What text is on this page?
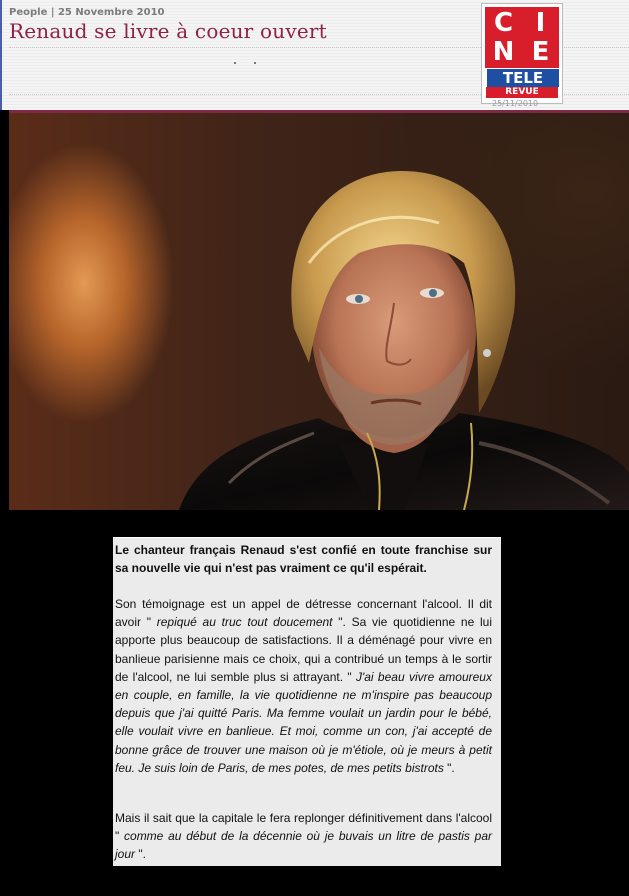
People | 25 Novembre 2010
Renaud se livre à coeur ouvert	C I
N E
TELE
REVUE
25/11/2010

Le chanteur français Renaud s'est confié en toute franchise sur sa nouvelle vie qui n'est pas vraiment ce qu'il espérait.

Son témoignage est un appel de détresse concernant l'alcool. Il dit avoir " repiqué au truc tout doucement ". Sa vie quotidienne ne lui apporte plus beaucoup de satisfactions. Il a déménagé pour vivre en banlieue parisienne mais ce choix, qui a contribué un temps à le sortir de l'alcool, ne lui semble plus si attrayant. " J'ai beau vivre amoureux en couple, en famille, la vie quotidienne ne m'inspire pas beaucoup depuis que j'ai quitté Paris. Ma femme voulait un jardin pour le bébé, elle voulait vivre en banlieue. Et moi, comme un con, j'ai accepté de bonne grâce de trouver une maison où je m'étiole, où je meurs à petit feu. Je suis loin de Paris, de mes potes, de mes petits bistrots ".

Mais il sait que la capitale le fera replonger définitivement dans l'alcool " comme au début de la décennie où je buvais un litre de pastis par jour ".
